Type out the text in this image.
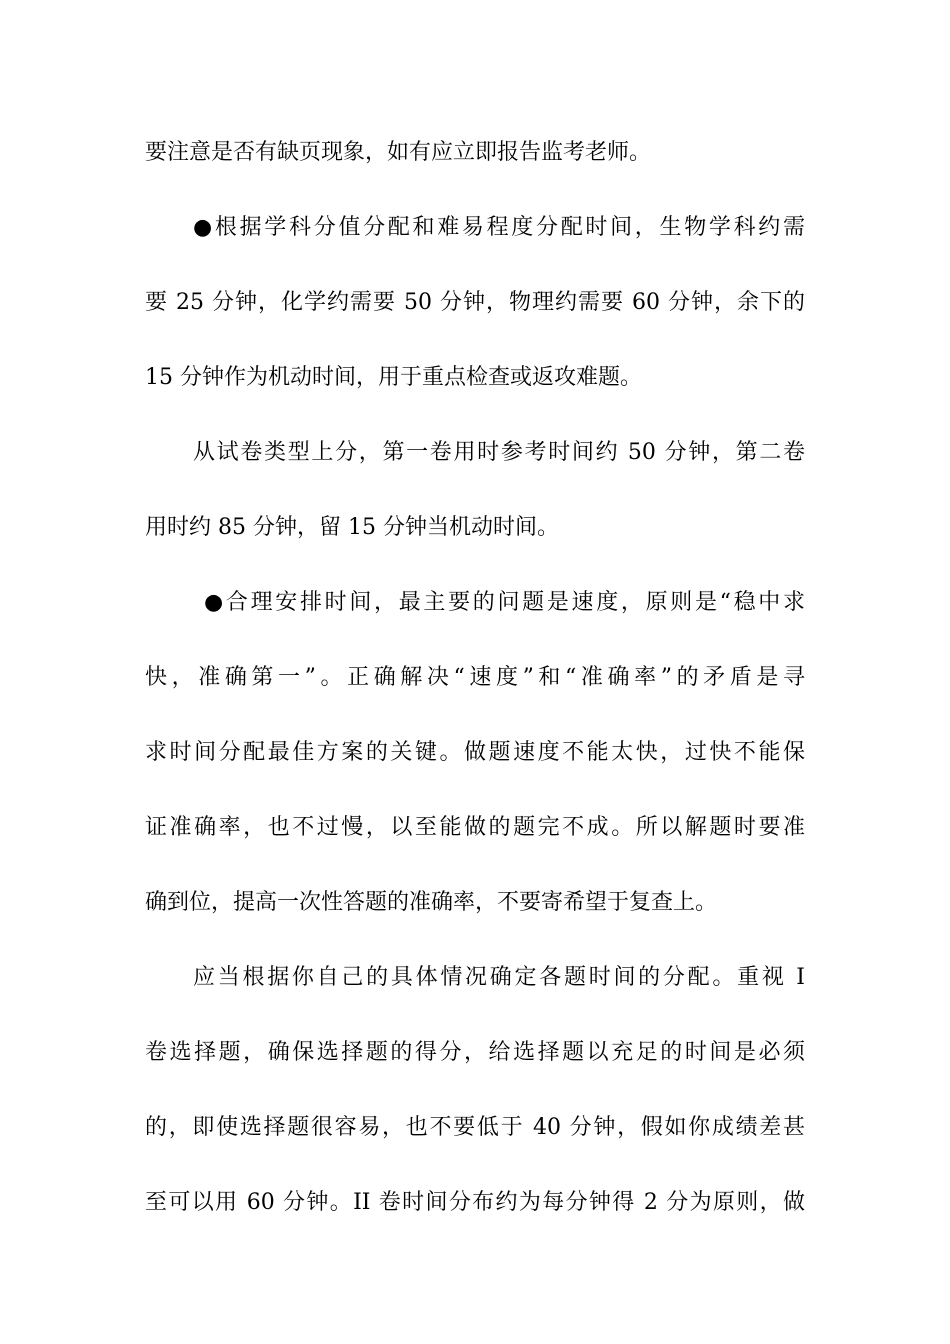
要注意是否有缺页现象，如有应立即报告监考老师。
●根据学科分值分配和难易程度分配时间，生物学科约需
要 25 分钟，化学约需要 50 分钟，物理约需要 60 分钟，余下的
15 分钟作为机动时间，用于重点检查或返攻难题。
从试卷类型上分，第一卷用时参考时间约 50 分钟，第二卷
用时约 85 分钟，留 15 分钟当机动时间。
●合理安排时间，最主要的问题是速度，原则是“稳中求
快，准确第一”。正确解决“速度”和“准确率”的矛盾是寻
求时间分配最佳方案的关键。做题速度不能太快，过快不能保
证准确率，也不过慢，以至能做的题完不成。所以解题时要准
确到位，提高一次性答题的准确率，不要寄希望于复查上。
应当根据你自己的具体情况确定各题时间的分配。重视 I
卷选择题，确保选择题的得分，给选择题以充足的时间是必须
的，即使选择题很容易，也不要低于 40 分钟，假如你成绩差甚
至可以用 60 分钟。II 卷时间分布约为每分钟得 2 分为原则，做
